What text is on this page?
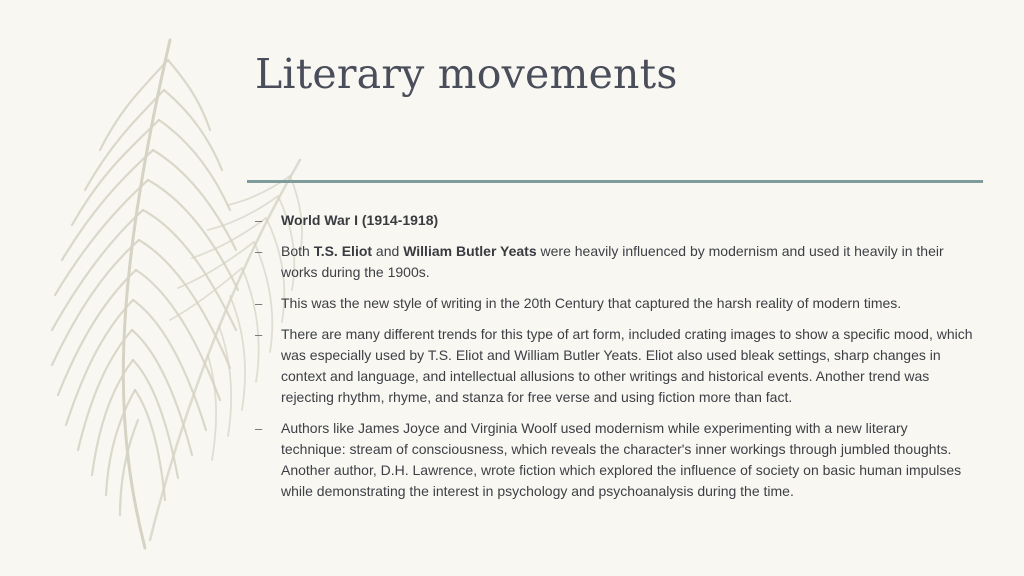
Literary movements
– World War I (1914-1918)
– Both T.S. Eliot and William Butler Yeats were heavily influenced by modernism and used it heavily in their works during the 1900s.
– This was the new style of writing in the 20th Century that captured the harsh reality of modern times.
– There are many different trends for this type of art form, included crating images to show a specific mood, which was especially used by T.S. Eliot and William Butler Yeats. Eliot also used bleak settings, sharp changes in context and language, and intellectual allusions to other writings and historical events. Another trend was rejecting rhythm, rhyme, and stanza for free verse and using fiction more than fact.
– Authors like James Joyce and Virginia Woolf used modernism while experimenting with a new literary technique: stream of consciousness, which reveals the character's inner workings through jumbled thoughts. Another author, D.H. Lawrence, wrote fiction which explored the influence of society on basic human impulses while demonstrating the interest in psychology and psychoanalysis during the time.
